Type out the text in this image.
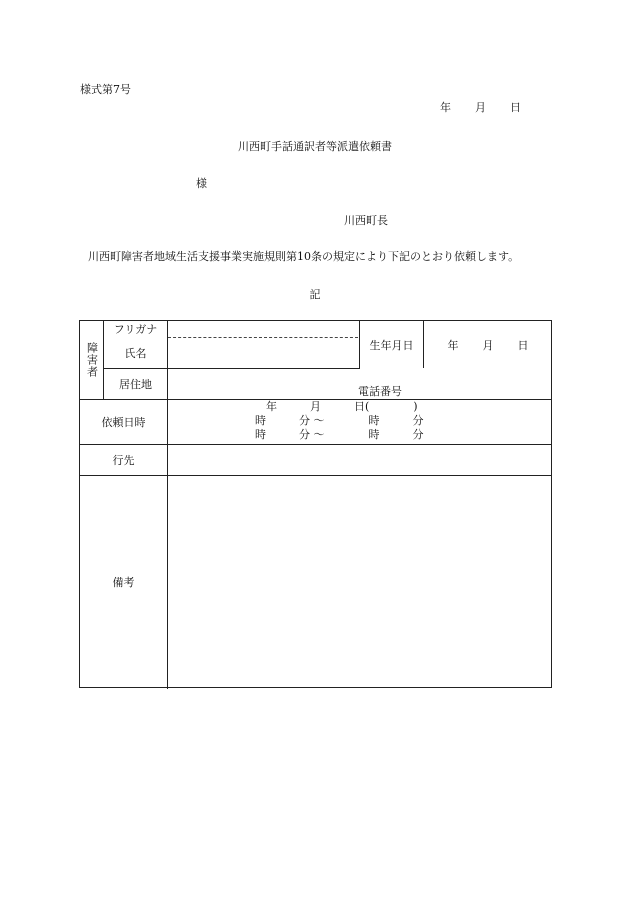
様式第7号
年 月 日
川西町手話通訳者等派遣依頼書
様
川西町長
川西町障害者地域生活支援事業実施規則第10条の規定により下記のとおり依頼します。
記
障害者
フリガナ
氏名
生年月日	年 月 日
居住地
電話番号
依頼日時
年　　　月　　　日(　　　　)
時　　　分 ～　　　　時　　　分
時　　　分 ～　　　　時　　　分
行先
備考
